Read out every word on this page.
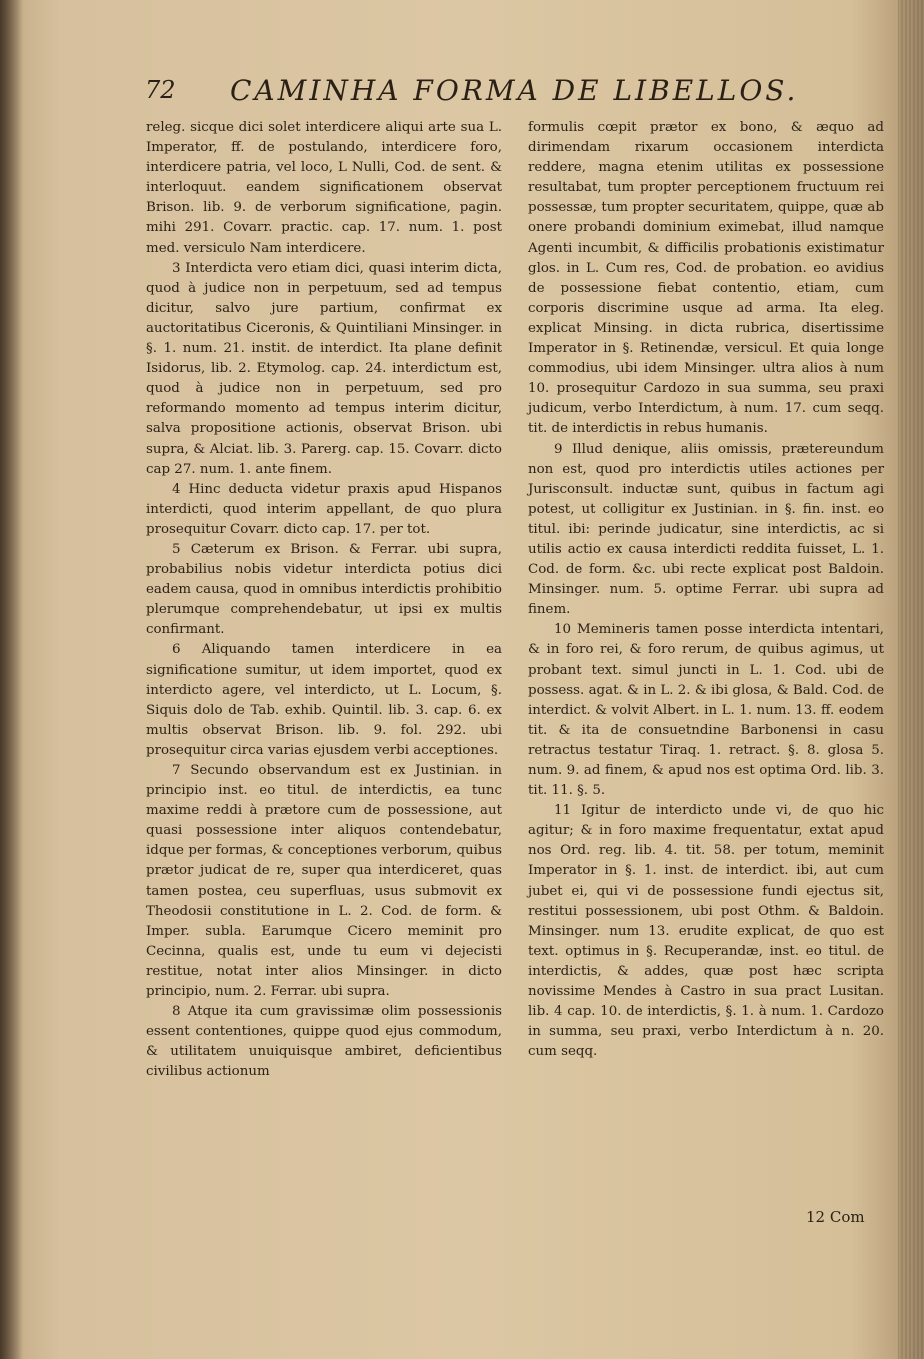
72 CAMINHA FORMA DE LIBELLOS.

releg. sicque dici solet interdicere aliqui arte sua L. Imperator, ff. de postulando, interdicere foro, interdicere patria, vel loco, L Nulli, Cod. de sent. & interloquut. eandem significationem observat Brison. lib. 9. de verborum significatione, pagin. mihi 291. Covarr. practic. cap. 17. num. 1. post med. versiculo Nam interdicere.

3 Interdicta vero etiam dici, quasi interim dicta, quod à judice non in perpetuum, sed ad tempus dicitur, salvo jure partium, confirmat ex auctoritatibus Ciceronis, & Quintiliani Minsinger. in §. 1. num. 21. instit. de interdict. Ita plane definit Isidorus, lib. 2. Etymolog. cap. 24. interdictum est, quod à judice non in perpetuum, sed pro reformando momento ad tempus interim dicitur, salva propositione actionis, observat Brison. ubi supra, & Alciat. lib. 3. Parerg. cap. 15. Covarr. dicto cap 27. num. 1. ante finem.

4 Hinc deducta videtur praxis apud Hispanos interdicti, quod interim appellant, de quo plura prosequitur Covarr. dicto cap. 17. per tot.

5 Cæterum ex Brison. & Ferrar. ubi supra, probabilius nobis videtur interdicta potius dici eadem causa, quod in omnibus interdictis prohibitio plerumque comprehendebatur, ut ipsi ex multis confirmant.

6 Aliquando tamen interdicere in ea significatione sumitur, ut idem importet, quod ex interdicto agere, vel interdicto, ut L. Locum, §. Siquis dolo de Tab. exhib. Quintil. lib. 3. cap. 6. ex multis observat Brison. lib. 9. fol. 292. ubi prosequitur circa varias ejusdem verbi acceptiones.

7 Secundo observandum est ex Justinian. in principio inst. eo titul. de interdictis, ea tunc maxime reddi à prætore cum de possessione, aut quasi possessione inter aliquos contendebatur, idque per formas, & conceptiones verborum, quibus prætor judicat de re, super qua interdiceret, quas tamen postea, ceu superfluas, usus submovit ex Theodosii constitutione in L. 2. Cod. de form. & Imper. subla. Earumque Cicero meminit pro Cecinna, qualis est, unde tu eum vi dejecisti restitue, notat inter alios Minsinger. in dicto principio, num. 2. Ferrar. ubi supra.

8 Atque ita cum gravissimæ olim possessionis essent contentiones, quippe quod ejus commodum, & utilitatem unuiquisque ambiret, deficientibus civilibus actionum

formulis cœpit prætor ex bono, & æquo ad dirimendam rixarum occasionem interdicta reddere, magna etenim utilitas ex possessione resultabat, tum propter perceptionem fructuum rei possessæ, tum propter securitatem, quippe, quæ ab onere probandi dominium eximebat, illud namque Agenti incumbit, & difficilis probationis existimatur glos. in L. Cum res, Cod. de probation. eo avidius de possessione fiebat contentio, etiam, cum corporis discrimine usque ad arma. Ita eleg. explicat Minsing. in dicta rubrica, disertissime Imperator in §. Retinendæ, versicul. Et quia longe commodius, ubi idem Minsinger. ultra alios à num 10. prosequitur Cardozo in sua summa, seu praxi judicum, verbo Interdictum, à num. 17. cum seqq. tit. de interdictis in rebus humanis.

9 Illud denique, aliis omissis, prætereundum non est, quod pro interdictis utiles actiones per Jurisconsult. inductæ sunt, quibus in factum agi potest, ut colligitur ex Justinian. in §. fin. inst. eo titul. ibi: perinde judicatur, sine interdictis, ac si utilis actio ex causa interdicti reddita fuisset, L. 1. Cod. de form. &c. ubi recte explicat post Baldoin. Minsinger. num. 5. optime Ferrar. ubi supra ad finem.

10 Memineris tamen posse interdicta intentari, & in foro rei, & foro rerum, de quibus agimus, ut probant text. simul juncti in L. 1. Cod. ubi de possess. agat. & in L. 2. & ibi glosa, & Bald. Cod. de interdict. & volvit Albert. in L. 1. num. 13. ff. eodem tit. & ita de consuetndine Barbonensi in casu retractus testatur Tiraq. 1. retract. §. 8. glosa 5. num. 9. ad finem, & apud nos est optima Ord. lib. 3. tit. 11. §. 5.

11 Igitur de interdicto unde vi, de quo hic agitur; & in foro maxime frequentatur, extat apud nos Ord. reg. lib. 4. tit. 58. per totum, meminit Imperator in §. 1. inst. de interdict. ibi, aut cum jubet ei, qui vi de possessione fundi ejectus sit, restitui possessionem, ubi post Othm. & Baldoin. Minsinger. num 13. erudite explicat, de quo est text. optimus in §. Recuperandæ, inst. eo titul. de interdictis, & addes, quæ post hæc scripta novissime Mendes à Castro in sua pract Lusitan. lib. 4 cap. 10. de interdictis, §. 1. à num. 1. Cardozo in summa, seu praxi, verbo Interdictum à n. 20. cum seqq.

12 Com
